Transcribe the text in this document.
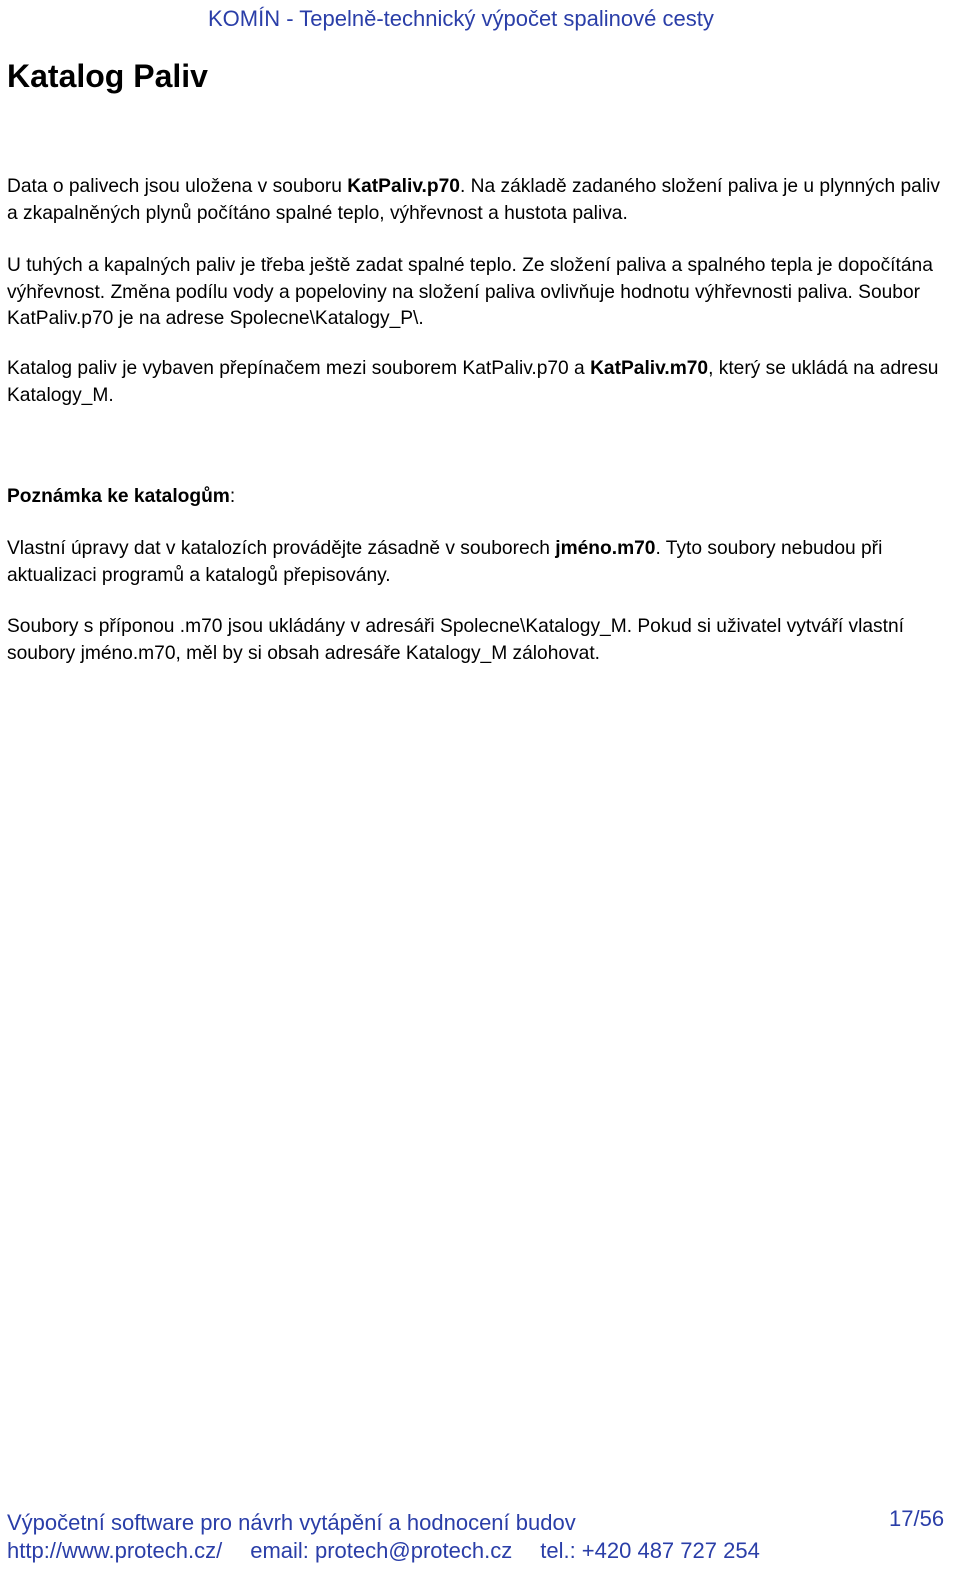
KOMÍN - Tepelně-technický výpočet spalinové cesty
Katalog Paliv

Data o palivech jsou uložena v souboru KatPaliv.p70. Na základě zadaného složení paliva je u plynných paliv a zkapalněných plynů počítáno spalné teplo, výhřevnost a hustota paliva.

U tuhých a kapalných paliv je třeba ještě zadat spalné teplo. Ze složení paliva a spalného tepla je dopočítána výhřevnost. Změna podílu vody a popeloviny na složení paliva ovlivňuje hodnotu výhřevnosti paliva. Soubor KatPaliv.p70 je na adrese Spolecne\Katalogy_P\.

Katalog paliv je vybaven přepínačem mezi souborem KatPaliv.p70 a KatPaliv.m70, který se ukládá na adresu Katalogy_M.

Poznámka ke katalogům:

Vlastní úpravy dat v katalozích provádějte zásadně v souborech jméno.m70. Tyto soubory nebudou při aktualizaci programů a katalogů přepisovány.

Soubory s příponou .m70 jsou ukládány v adresáři Spolecne\Katalogy_M. Pokud si uživatel vytváří vlastní soubory jméno.m70, měl by si obsah adresáře Katalogy_M zálohovat.

Výpočetní software pro návrh vytápění a hodnocení budov	17/56
http://www.protech.cz/ email: protech@protech.cz tel.: +420 487 727 254
